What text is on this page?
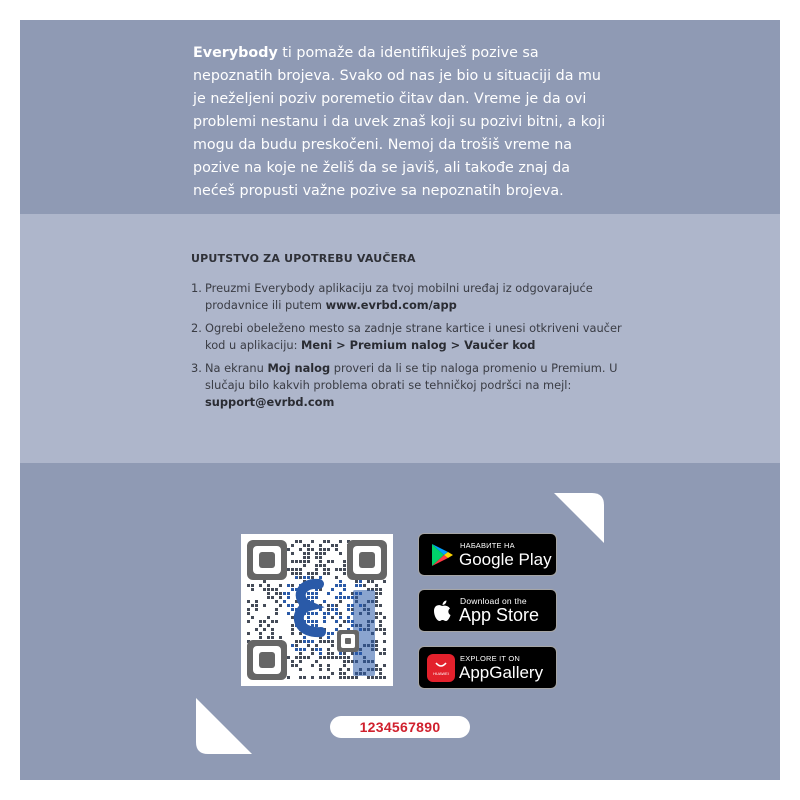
Everybody ti pomaže da identifikuješ pozive sa nepoznatih brojeva. Svako od nas je bio u situaciji da mu je neželjeni poziv poremetio čitav dan. Vreme je da ovi problemi nestanu i da uvek znaš koji su pozivi bitni, a koji mogu da budu preskočeni. Nemoj da trošiš vreme na pozive na koje ne želiš da se javiš, ali takođe znaj da nećeš propusti važne pozive sa nepoznatih brojeva.

UPUTSTVO ZA UPOTREBU VAUČERA
1. Preuzmi Everybody aplikaciju za tvoj mobilni uređaj iz odgovarajuće prodavnice ili putem www.evrbd.com/app
2. Ogrebi obeleženo mesto sa zadnje strane kartice i unesi otkriveni vaučer kod u aplikaciju: Meni > Premium nalog > Vaučer kod
3. Na ekranu Moj nalog proveri da li se tip naloga promenio u Premium. U slučaju bilo kakvih problema obrati se tehničkoj podršci na mejl: support@evrbd.com
НАБАВИТЕ НА
Google Play
Download on the
App Store
HUAWEI
EXPLORE IT ON
AppGallery
1234567890
